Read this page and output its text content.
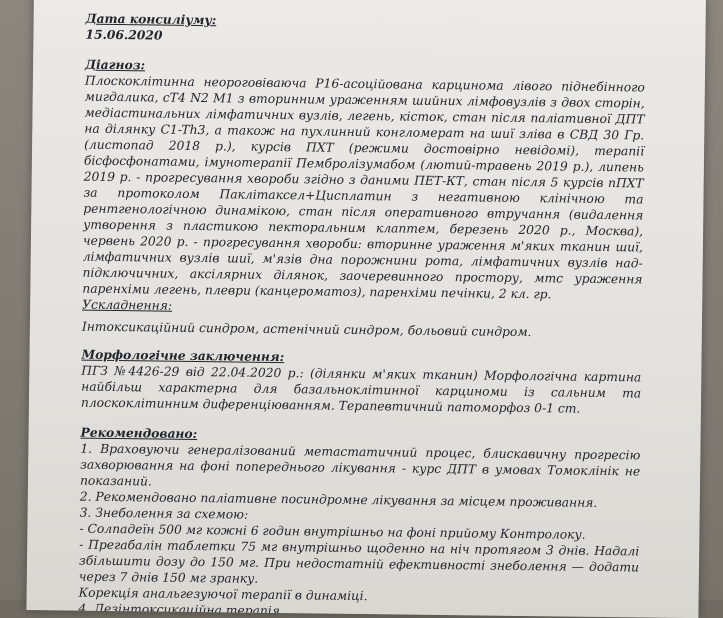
Дата консиліуму:

15.06.2020

Діагноз:

Плоскоклітинна неороговіваюча P16-асоційована карцинома лівого піднебінного мигдалика, cT4 N2 M1 з вторинним ураженням шийних лімфовузлів з двох сторін, медіастинальних лімфатичних вузлів, легень, кісток, стан після паліативної ДПТ на ділянку C1-Th3, а також на пухлинний конгломерат на шиї зліва в СВД 30 Гр. (листопад 2018 р.), курсів ПХТ (режими достовірно невідомі), терапії бісфосфонатами, імунотерапії Пембролізумабом (лютий-травень 2019 р.), липень 2019 р. - прогресування хвороби згідно з даними ПЕТ-КТ, стан після 5 курсів пПХТ за протоколом Паклітаксел+Цисплатин з негативною клінічною та рентгенологічною динамікою, стан після оперативного втручання (видалення утворення з пластикою пекторальним клаптем, березень 2020 р., Москва), червень 2020 р. - прогресування хвороби: вторинне ураження м'яких тканин шиї, лімфатичних вузлів шиї, м'язів дна порожнини рота, лімфатичних вузлів над- підключичних, аксілярних ділянок, заочеревинного простору, мтс ураження паренхіми легень, плеври (канцероматоз), паренхіми печінки, 2 кл. гр.

Ускладнення:

Інтоксикаційний синдром, астенічний синдром, больовий синдром.

Морфологічне заключення:

ПГЗ №4426-29 від 22.04.2020 р.: (ділянки м'яких тканин) Морфологічна картина найбільш характерна для базальноклітинної карциноми із сальним та плоскоклітинним диференціюванням. Терапевтичний патоморфоз 0-1 ст.

Рекомендовано:

1. Враховуючи генералізований метастатичний процес, блискавичну прогресію захворювання на фоні попереднього лікування - курс ДПТ в умовах Томоклінік не показаний.

2. Рекомендовано паліативне посиндромне лікування за місцем проживання.

3. Знеболення за схемою:

- Солпадеїн 500 мг кожні 6 годин внутрішньо на фоні прийому Контролоку.

- Прегабалін таблетки 75 мг внутрішньо щоденно на ніч протягом 3 днів. Надалі збільшити дозу до 150 мг. При недостатній ефективності знеболення — додати через 7 днів 150 мг зранку.

Корекція анальгезуючої терапії в динаміці.

4. Дезінтоксикаційна терапія.
